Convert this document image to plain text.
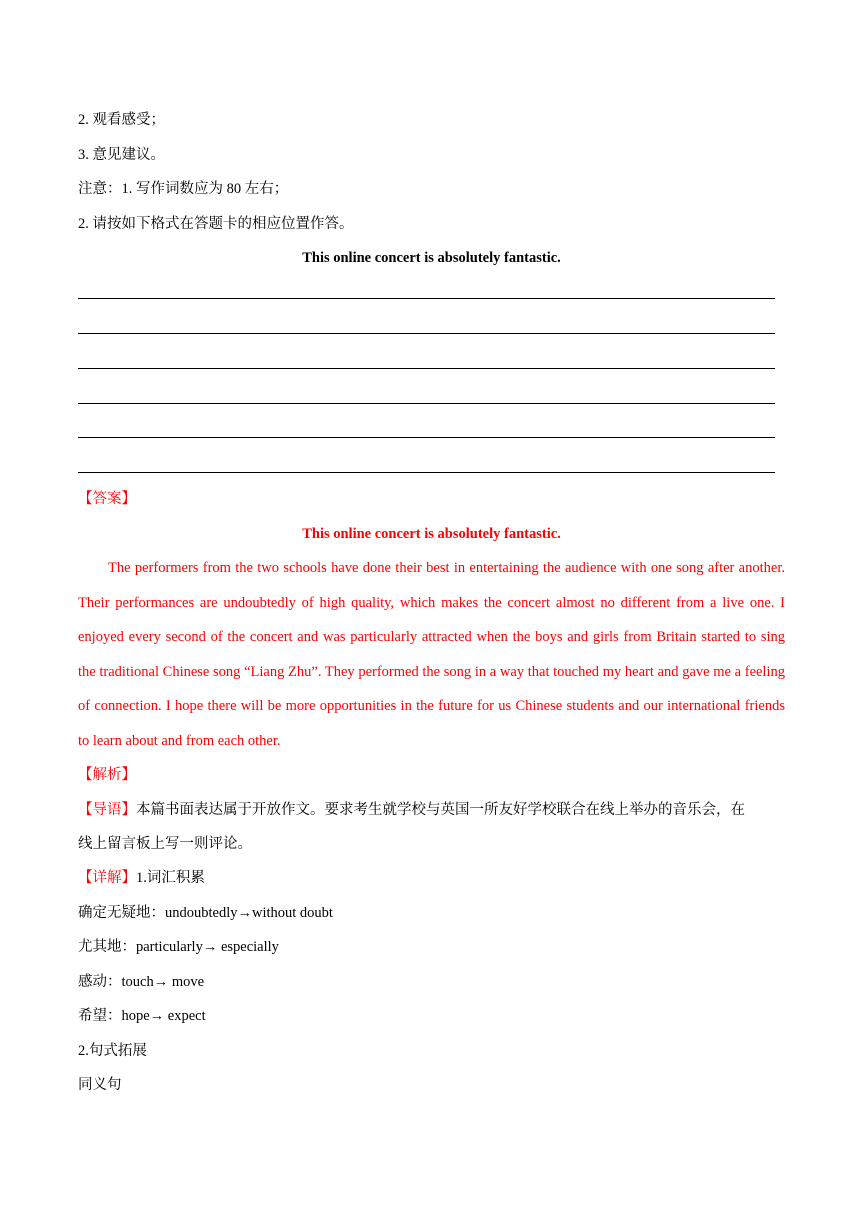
2. 观看感受；
3. 意见建议。
注意：1. 写作词数应为 80 左右；
2. 请按如下格式在答题卡的相应位置作答。
This online concert is absolutely fantastic.
【答案】
This online concert is absolutely fantastic.
The performers from the two schools have done their best in entertaining the audience with one song after another. Their performances are undoubtedly of high quality, which makes the concert almost no different from a live one. I enjoyed every second of the concert and was particularly attracted when the boys and girls from Britain started to sing the traditional Chinese song “Liang Zhu”. They performed the song in a way that touched my heart and gave me a feeling of connection. I hope there will be more opportunities in the future for us Chinese students and our international friends to learn about and from each other.
【解析】
【导语】本篇书面表达属于开放作文。要求考生就学校与英国一所友好学校联合在线上举办的音乐会，在
线上留言板上写一则评论。
【详解】1.词汇积累
确定无疑地：undoubtedly→without doubt
尤其地：particularly→ especially
感动：touch→ move
希望：hope→ expect
2.句式拓展
同义句
